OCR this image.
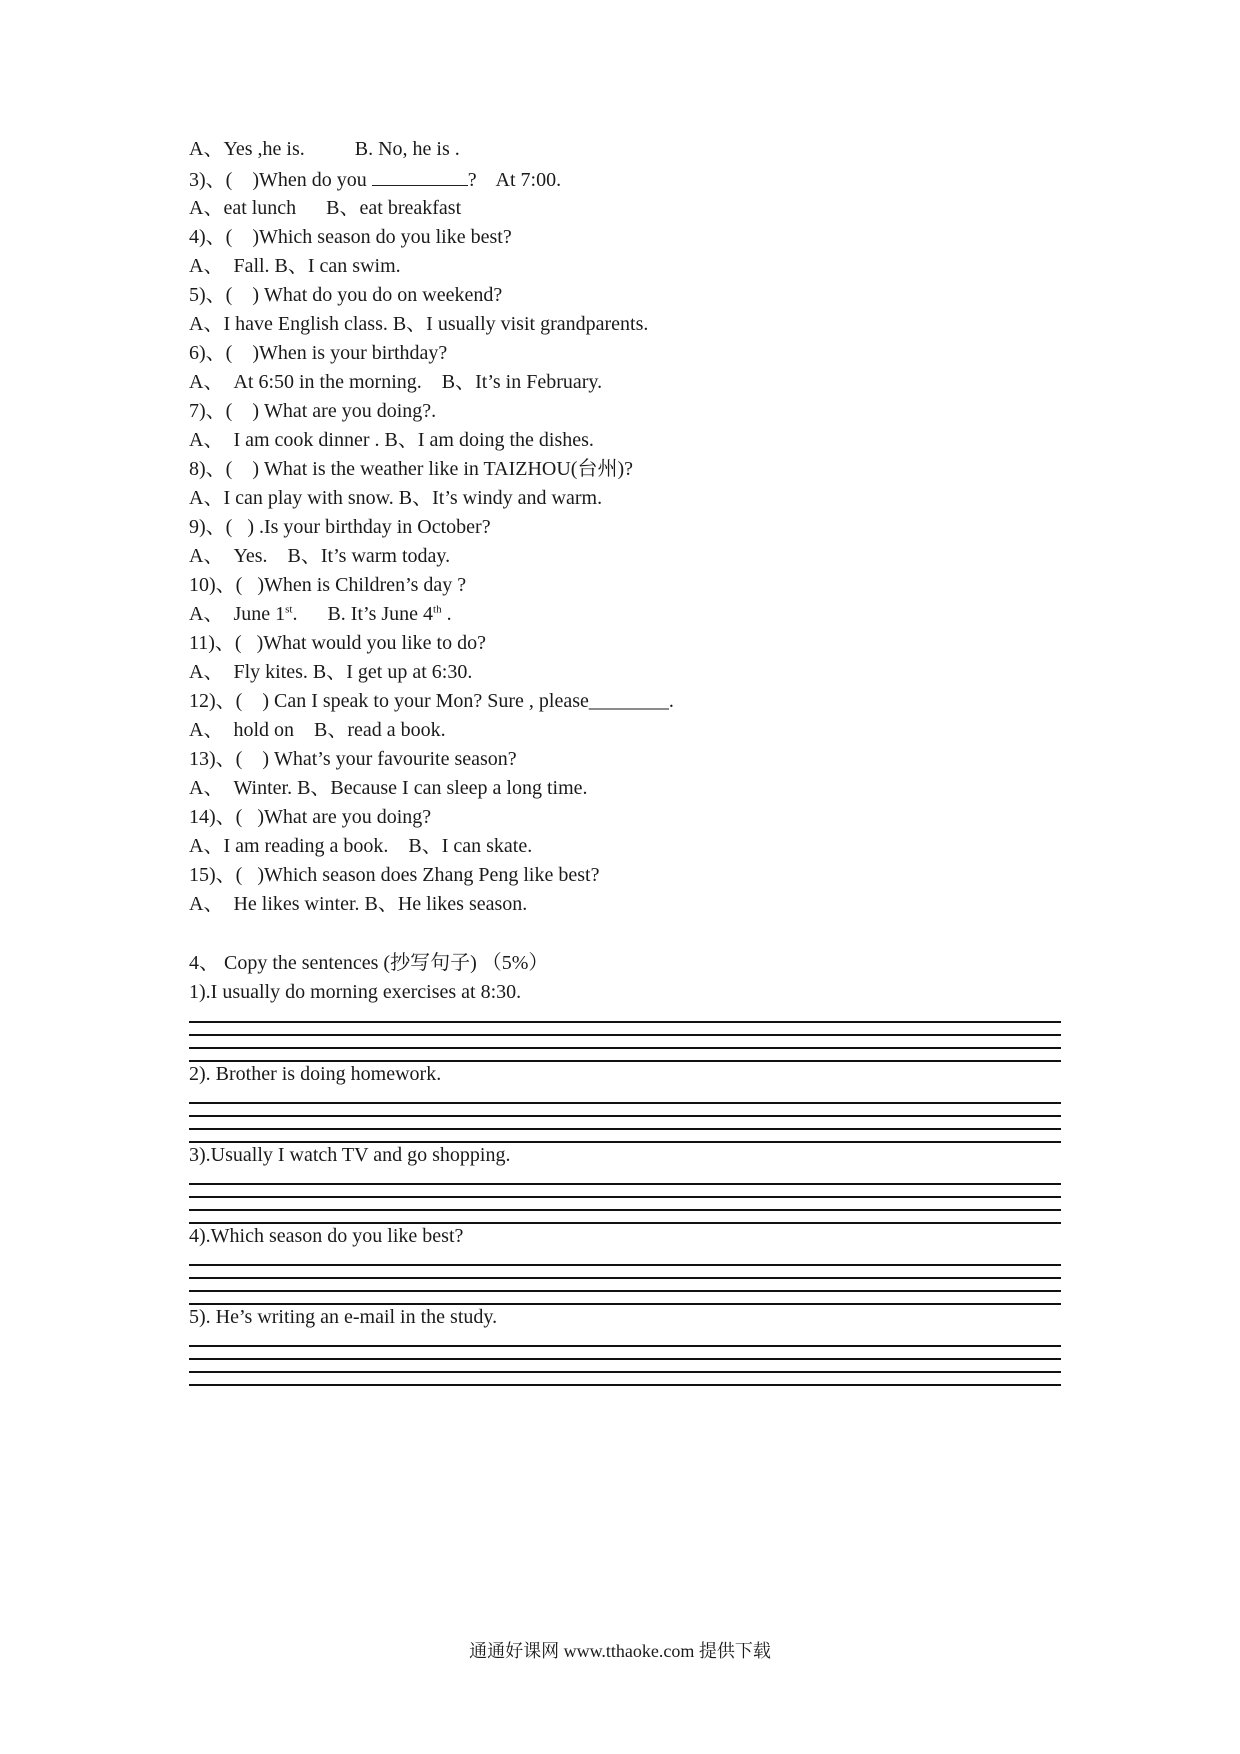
A、Yes ,he is.          B. No, he is .
3)、(    )When do you	?    At 7:00.
A、eat lunch      B、eat breakfast
4)、(    )Which season do you like best?
A、  Fall. B、I can swim.
5)、(    ) What do you do on weekend?
A、I have English class. B、I usually visit grandparents.
6)、(    )When is your birthday?
A、  At 6:50 in the morning.    B、It’s in February.
7)、(    ) What are you doing?.
A、  I am cook dinner . B、I am doing the dishes.
8)、(    ) What is the weather like in TAIZHOU(台州)?
A、I can play with snow. B、It’s windy and warm.
9)、(   ) .Is your birthday in October?
A、  Yes.    B、It’s warm today.
10)、(   )When is Children’s day ?
A、  June 1st.      B. It’s June 4th .
11)、(   )What would you like to do?
A、  Fly kites. B、I get up at 6:30.
12)、(    ) Can I speak to your Mon? Sure , please________.
A、  hold on    B、read a book.
13)、(    ) What’s your favourite season?
A、  Winter. B、Because I can sleep a long time.
14)、(   )What are you doing?
A、I am reading a book.    B、I can skate.
15)、(   )Which season does Zhang Peng like best?
A、  He likes winter. B、He likes season.
4、 Copy the sentences (抄写句子) （5%）
1).I usually do morning exercises at 8:30.
2). Brother is doing homework.
3).Usually I watch TV and go shopping.
4).Which season do you like best?
5). He’s writing an e-mail in the study.
通通好课网 www.tthaoke.com 提供下载
